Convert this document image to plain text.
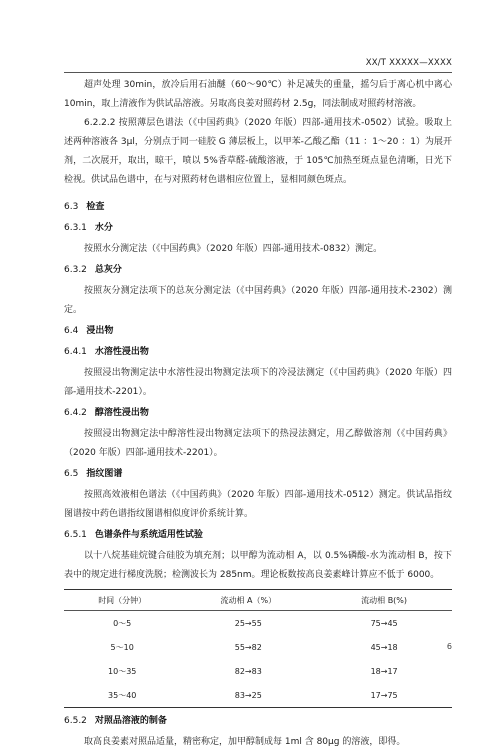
XX/T XXXXX—XXXX

超声处理 30min，放冷后用石油醚（60～90℃）补足减失的重量，摇匀后于离心机中离心 10min，取上清液作为供试品溶液。另取高良姜对照药材 2.5g，同法制成对照药材溶液。

6.2.2.2 按照薄层色谱法（《中国药典》（2020 年版）四部-通用技术-0502）试验。吸取上述两种溶液各 3μl，分别点于同一硅胶 G 薄层板上，以甲苯-乙酸乙酯（11 ：1～20 ：1）为展开剂，二次展开，取出，晾干，喷以 5%香草醛-硫酸溶液，于 105℃加热至斑点显色清晰，日光下检视。供试品色谱中，在与对照药材色谱相应位置上，显相同颜色斑点。

6.3 检查
6.3.1 水分

按照水分测定法（《中国药典》（2020 年版）四部-通用技术-0832）测定。

6.3.2 总灰分

按照灰分测定法项下的总灰分测定法（《中国药典》（2020 年版）四部-通用技术-2302）测定。

6.4 浸出物
6.4.1 水溶性浸出物

按照浸出物测定法中水溶性浸出物测定法项下的冷浸法测定（《中国药典》（2020 年版）四部-通用技术-2201）。

6.4.2 醇溶性浸出物

按照浸出物测定法中醇溶性浸出物测定法项下的热浸法测定，用乙醇做溶剂（《中国药典》（2020 年版）四部-通用技术-2201）。

6.5 指纹图谱

按照高效液相色谱法（《中国药典》（2020 年版）四部-通用技术-0512）测定。供试品指纹图谱按中药色谱指纹图谱相似度评价系统计算。

6.5.1 色谱条件与系统适用性试验

以十八烷基硅烷键合硅胶为填充剂；以甲醇为流动相 A，以 0.5%磷酸-水为流动相 B，按下表中的规定进行梯度洗脱；检测波长为 285nm。理论板数按高良姜素峰计算应不低于 6000。

时间（分钟）	流动相 A（%）	流动相 B(%)
0～5	25→55	75→45
5～10	55→82	45→18
10～35	82→83	18→17
35～40	83→25	17→75
6.5.2 对照品溶液的制备

取高良姜素对照品适量，精密称定，加甲醇制成每 1ml 含 80μg 的溶液，即得。

6
